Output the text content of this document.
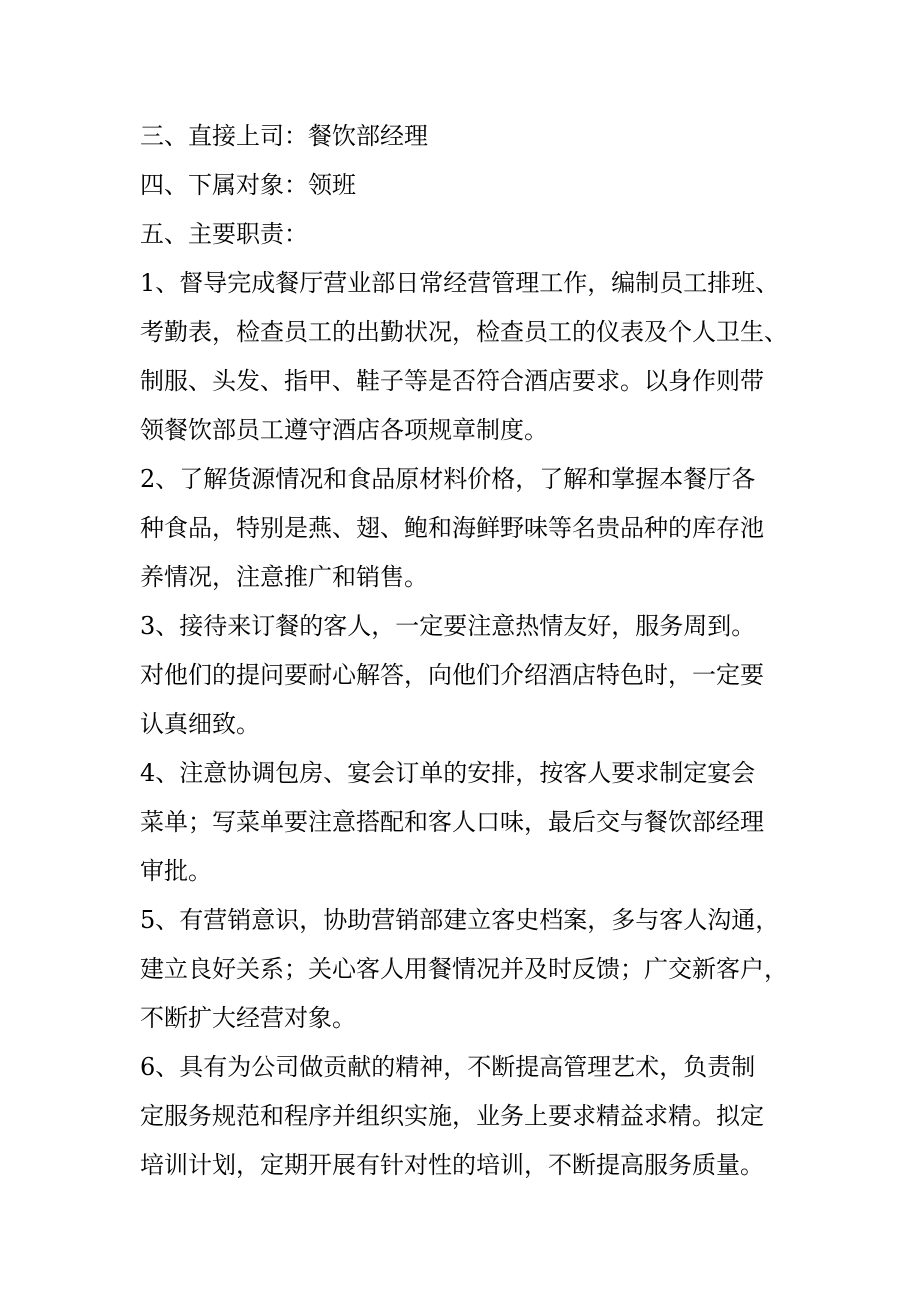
三、直接上司：餐饮部经理
四、下属对象：领班
五、主要职责：
1、督导完成餐厅营业部日常经营管理工作，编制员工排班、
考勤表，检查员工的出勤状况，检查员工的仪表及个人卫生、
制服、头发、指甲、鞋子等是否符合酒店要求。以身作则带
领餐饮部员工遵守酒店各项规章制度。
2、了解货源情况和食品原材料价格，了解和掌握本餐厅各
种食品，特别是燕、翅、鲍和海鲜野味等名贵品种的库存池
养情况，注意推广和销售。
3、接待来订餐的客人，一定要注意热情友好，服务周到。
对他们的提问要耐心解答，向他们介绍酒店特色时，一定要
认真细致。
4、注意协调包房、宴会订单的安排，按客人要求制定宴会
菜单；写菜单要注意搭配和客人口味，最后交与餐饮部经理
审批。
5、有营销意识，协助营销部建立客史档案，多与客人沟通，
建立良好关系；关心客人用餐情况并及时反馈；广交新客户，
不断扩大经营对象。
6、具有为公司做贡献的精神，不断提高管理艺术，负责制
定服务规范和程序并组织实施，业务上要求精益求精。拟定
培训计划，定期开展有针对性的培训，不断提高服务质量。
